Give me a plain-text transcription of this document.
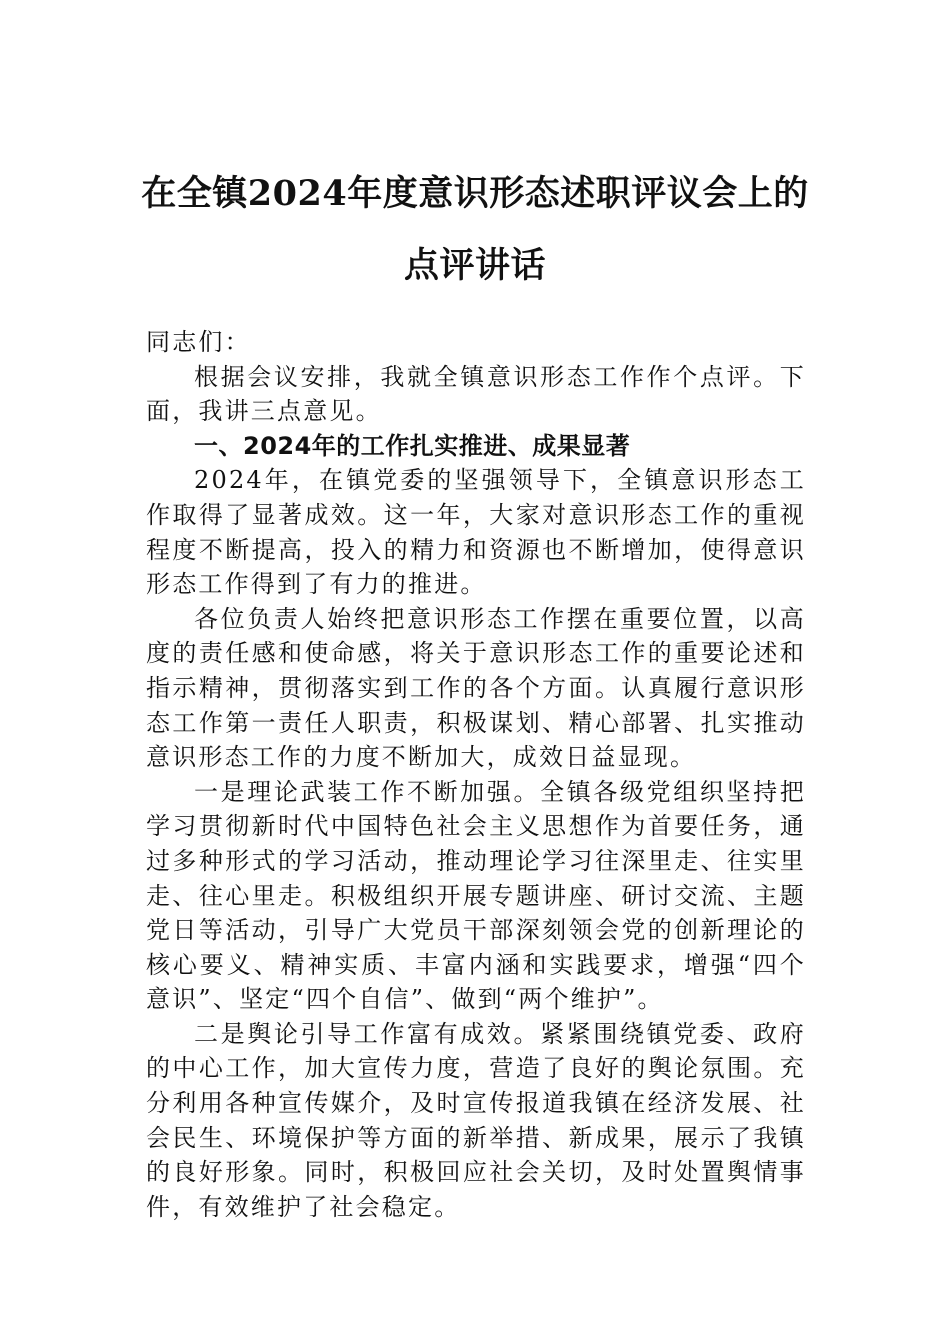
在全镇2024年度意识形态述职评议会上的
点评讲话

同志们：

根据会议安排，我就全镇意识形态工作作个点评。下面，我讲三点意见。

一、2024年的工作扎实推进、成果显著

2024年，在镇党委的坚强领导下，全镇意识形态工作取得了显著成效。这一年，大家对意识形态工作的重视程度不断提高，投入的精力和资源也不断增加，使得意识形态工作得到了有力的推进。

各位负责人始终把意识形态工作摆在重要位置，以高度的责任感和使命感，将关于意识形态工作的重要论述和指示精神，贯彻落实到工作的各个方面。认真履行意识形态工作第一责任人职责，积极谋划、精心部署、扎实推动意识形态工作的力度不断加大，成效日益显现。

一是理论武装工作不断加强。全镇各级党组织坚持把学习贯彻新时代中国特色社会主义思想作为首要任务，通过多种形式的学习活动，推动理论学习往深里走、往实里走、往心里走。积极组织开展专题讲座、研讨交流、主题党日等活动，引导广大党员干部深刻领会党的创新理论的核心要义、精神实质、丰富内涵和实践要求，增强“四个意识”、坚定“四个自信”、做到“两个维护”。

二是舆论引导工作富有成效。紧紧围绕镇党委、政府的中心工作，加大宣传力度，营造了良好的舆论氛围。充分利用各种宣传媒介，及时宣传报道我镇在经济发展、社会民生、环境保护等方面的新举措、新成果，展示了我镇的良好形象。同时，积极回应社会关切，及时处置舆情事件，有效维护了社会稳定。
